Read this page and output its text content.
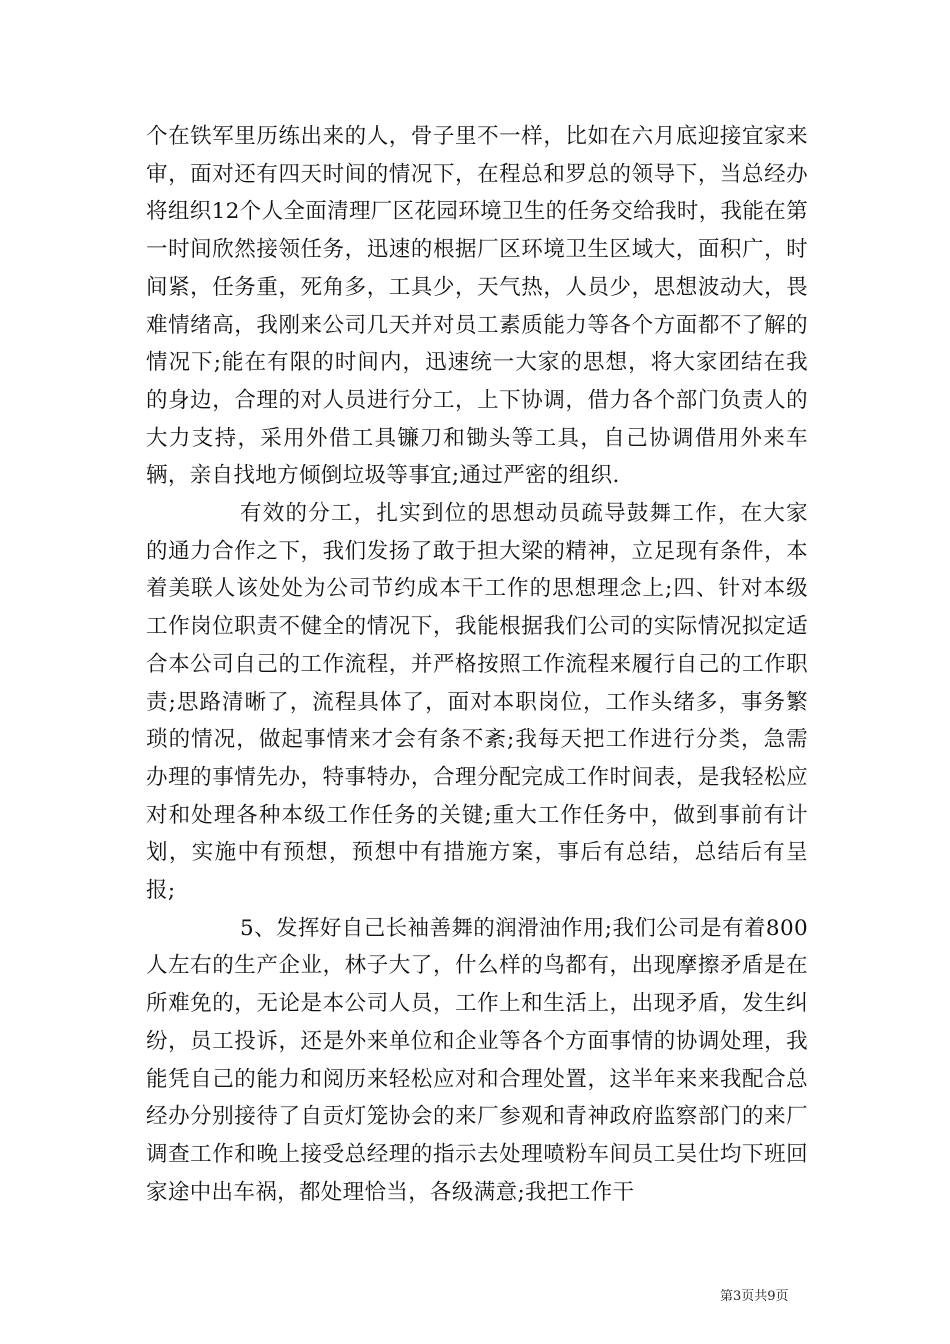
个在铁军里历练出来的人，骨子里不一样，比如在六月底迎接宜家来审，面对还有四天时间的情况下，在程总和罗总的领导下，当总经办将组织12个人全面清理厂区花园环境卫生的任务交给我时，我能在第一时间欣然接领任务，迅速的根据厂区环境卫生区域大，面积广，时间紧，任务重，死角多，工具少，天气热，人员少，思想波动大，畏难情绪高，我刚来公司几天并对员工素质能力等各个方面都不了解的情况下;能在有限的时间内，迅速统一大家的思想，将大家团结在我的身边，合理的对人员进行分工，上下协调，借力各个部门负责人的大力支持，采用外借工具镰刀和锄头等工具，自己协调借用外来车辆，亲自找地方倾倒垃圾等事宜;通过严密的组织.

有效的分工，扎实到位的思想动员疏导鼓舞工作，在大家的通力合作之下，我们发扬了敢于担大梁的精神，立足现有条件，本着美联人该处处为公司节约成本干工作的思想理念上;四、针对本级工作岗位职责不健全的情况下，我能根据我们公司的实际情况拟定适合本公司自己的工作流程，并严格按照工作流程来履行自己的工作职责;思路清晰了，流程具体了，面对本职岗位，工作头绪多，事务繁琐的情况，做起事情来才会有条不紊;我每天把工作进行分类，急需办理的事情先办，特事特办，合理分配完成工作时间表，是我轻松应对和处理各种本级工作任务的关键;重大工作任务中，做到事前有计划，实施中有预想，预想中有措施方案，事后有总结，总结后有呈报;

5、发挥好自己长袖善舞的润滑油作用;我们公司是有着800人左右的生产企业，林子大了，什么样的鸟都有，出现摩擦矛盾是在所难免的，无论是本公司人员，工作上和生活上，出现矛盾，发生纠纷，员工投诉，还是外来单位和企业等各个方面事情的协调处理，我能凭自己的能力和阅历来轻松应对和合理处置，这半年来来我配合总经办分别接待了自贡灯笼协会的来厂参观和青神政府监察部门的来厂调查工作和晚上接受总经理的指示去处理喷粉车间员工吴仕均下班回家途中出车祸，都处理恰当，各级满意;我把工作干

第3页共9页
